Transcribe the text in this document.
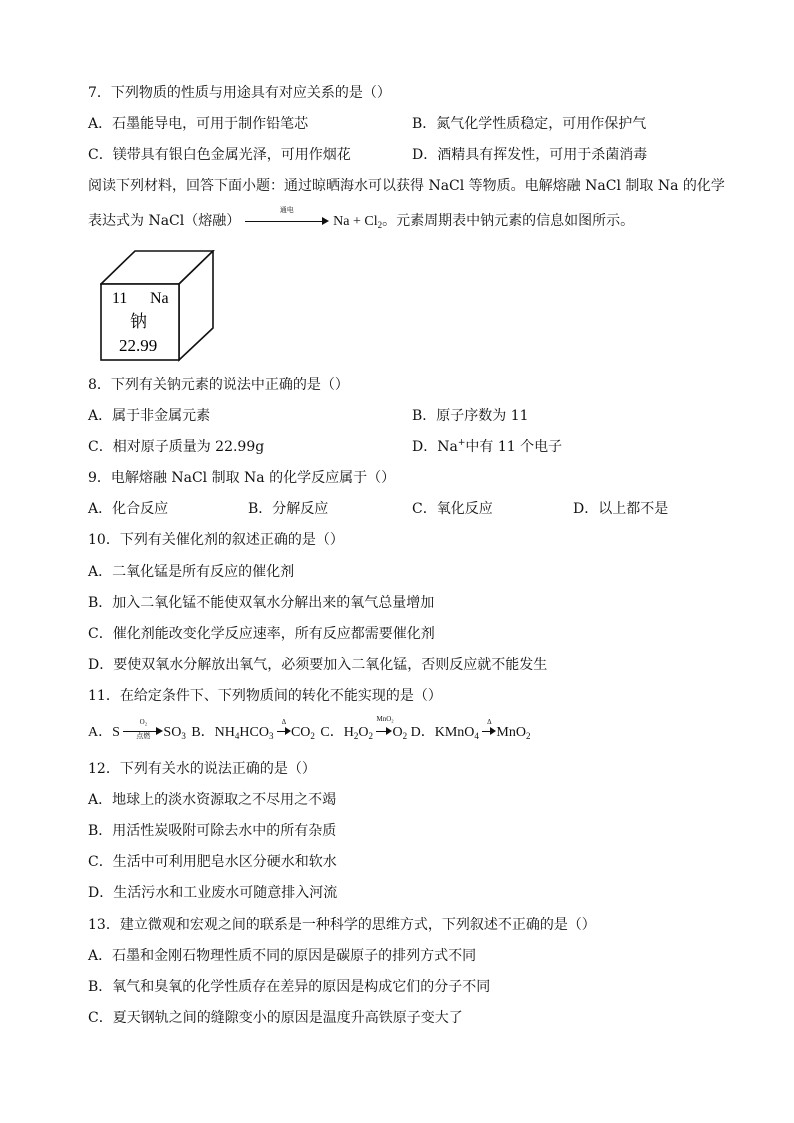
7．下列物质的性质与用途具有对应关系的是（）
A．石墨能导电，可用于制作铅笔芯	B．氮气化学性质稳定，可用作保护气
C．镁带具有银白色金属光泽，可用作烟花	D．酒精具有挥发性，可用于杀菌消毒
阅读下列材料，回答下面小题：通过晾晒海水可以获得 NaCl 等物质。电解熔融 NaCl 制取 Na 的化学
表达式为 NaCl（熔融）
通电
$Na + Cl_2$。元素周期表中钠元素的信息如图所示。
11 Na
钠
22.99
8．下列有关钠元素的说法中正确的是（）
A．属于非金属元素	B．原子序数为 11
C．相对原子质量为 22.99g	D．Na+中有 11 个电子
9．电解熔融 NaCl 制取 Na 的化学反应属于（）
A．化合反应	B．分解反应	C．氧化反应	D．以上都不是
10．下列有关催化剂的叙述正确的是（）
A．二氧化锰是所有反应的催化剂
B．加入二氧化锰不能使双氧水分解出来的氧气总量增加
C．催化剂能改变化学反应速率，所有反应都需要催化剂
D．要使双氧水分解放出氧气，必须要加入二氧化锰，否则反应就不能发生
11．在给定条件下、下列物质间的转化不能实现的是（）
A．S
O₂
点燃 $SO_3$ B．$NH_4HCO_3$
Δ
$CO_2$ C．$H_2O_2$
MnO₂
$O_2$ D．KMnO$_4$
Δ
MnO$_2$
12．下列有关水的说法正确的是（）
A．地球上的淡水资源取之不尽用之不竭
B．用活性炭吸附可除去水中的所有杂质
C．生活中可利用肥皂水区分硬水和软水
D．生活污水和工业废水可随意排入河流
13．建立微观和宏观之间的联系是一种科学的思维方式，下列叙述不正确的是（）
A．石墨和金刚石物理性质不同的原因是碳原子的排列方式不同
B．氧气和臭氧的化学性质存在差异的原因是构成它们的分子不同
C．夏天钢轨之间的缝隙变小的原因是温度升高铁原子变大了
